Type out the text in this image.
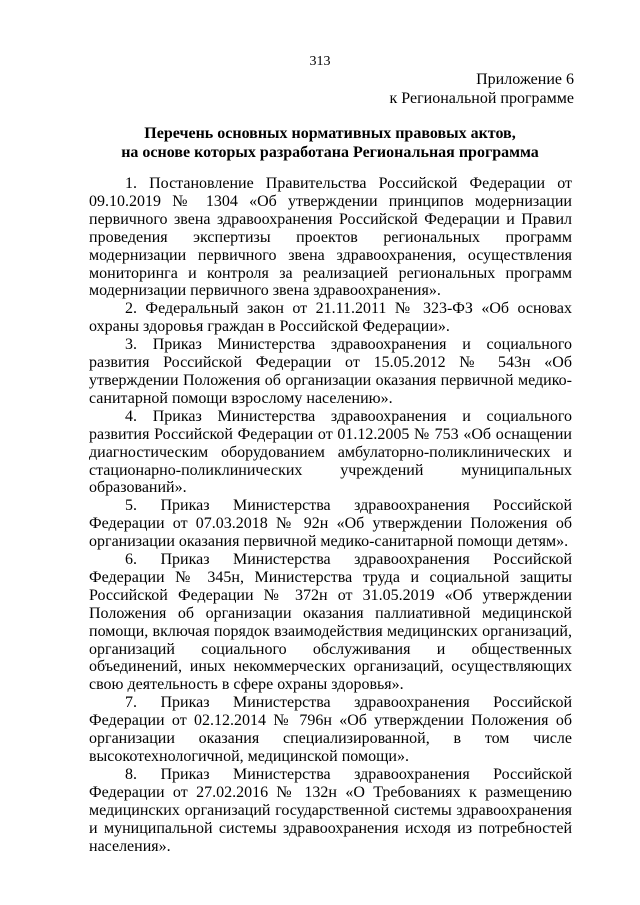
313
Приложение 6
к Региональной программе
Перечень основных нормативных правовых актов,
на основе которых разработана Региональная программа

1. Постановление Правительства Российской Федерации от 09.10.2019 № 1304 «Об утверждении принципов модернизации первичного звена здравоохранения Российской Федерации и Правил проведения экспертизы проектов региональных программ модернизации первичного звена здравоохранения, осуществления мониторинга и контроля за реализацией региональных программ модернизации первичного звена здравоохранения».

2. Федеральный закон от 21.11.2011 № 323-ФЗ «Об основах охраны здоровья граждан в Российской Федерации».

3. Приказ Министерства здравоохранения и социального развития Российской Федерации от 15.05.2012 № 543н «Об утверждении Положения об организации оказания первичной медико-санитарной помощи взрослому населению».

4. Приказ Министерства здравоохранения и социального развития Российской Федерации от 01.12.2005 № 753 «Об оснащении диагностическим оборудованием амбулаторно-поликлинических и стационарно-поликлинических учреждений муниципальных образований».

5. Приказ Министерства здравоохранения Российской Федерации от 07.03.2018 № 92н «Об утверждении Положения об организации оказания первичной медико-санитарной помощи детям».

6. Приказ Министерства здравоохранения Российской Федерации № 345н, Министерства труда и социальной защиты Российской Федерации № 372н от 31.05.2019 «Об утверждении Положения об организации оказания паллиативной медицинской помощи, включая порядок взаимодействия медицинских организаций, организаций социального обслуживания и общественных объединений, иных некоммерческих организаций, осуществляющих свою деятельность в сфере охраны здоровья».

7. Приказ Министерства здравоохранения Российской Федерации от 02.12.2014 № 796н «Об утверждении Положения об организации оказания специализированной, в том числе высокотехнологичной, медицинской помощи».

8. Приказ Министерства здравоохранения Российской Федерации от 27.02.2016 № 132н «О Требованиях к размещению медицинских организаций государственной системы здравоохранения и муниципальной системы здравоохранения исходя из потребностей населения».
